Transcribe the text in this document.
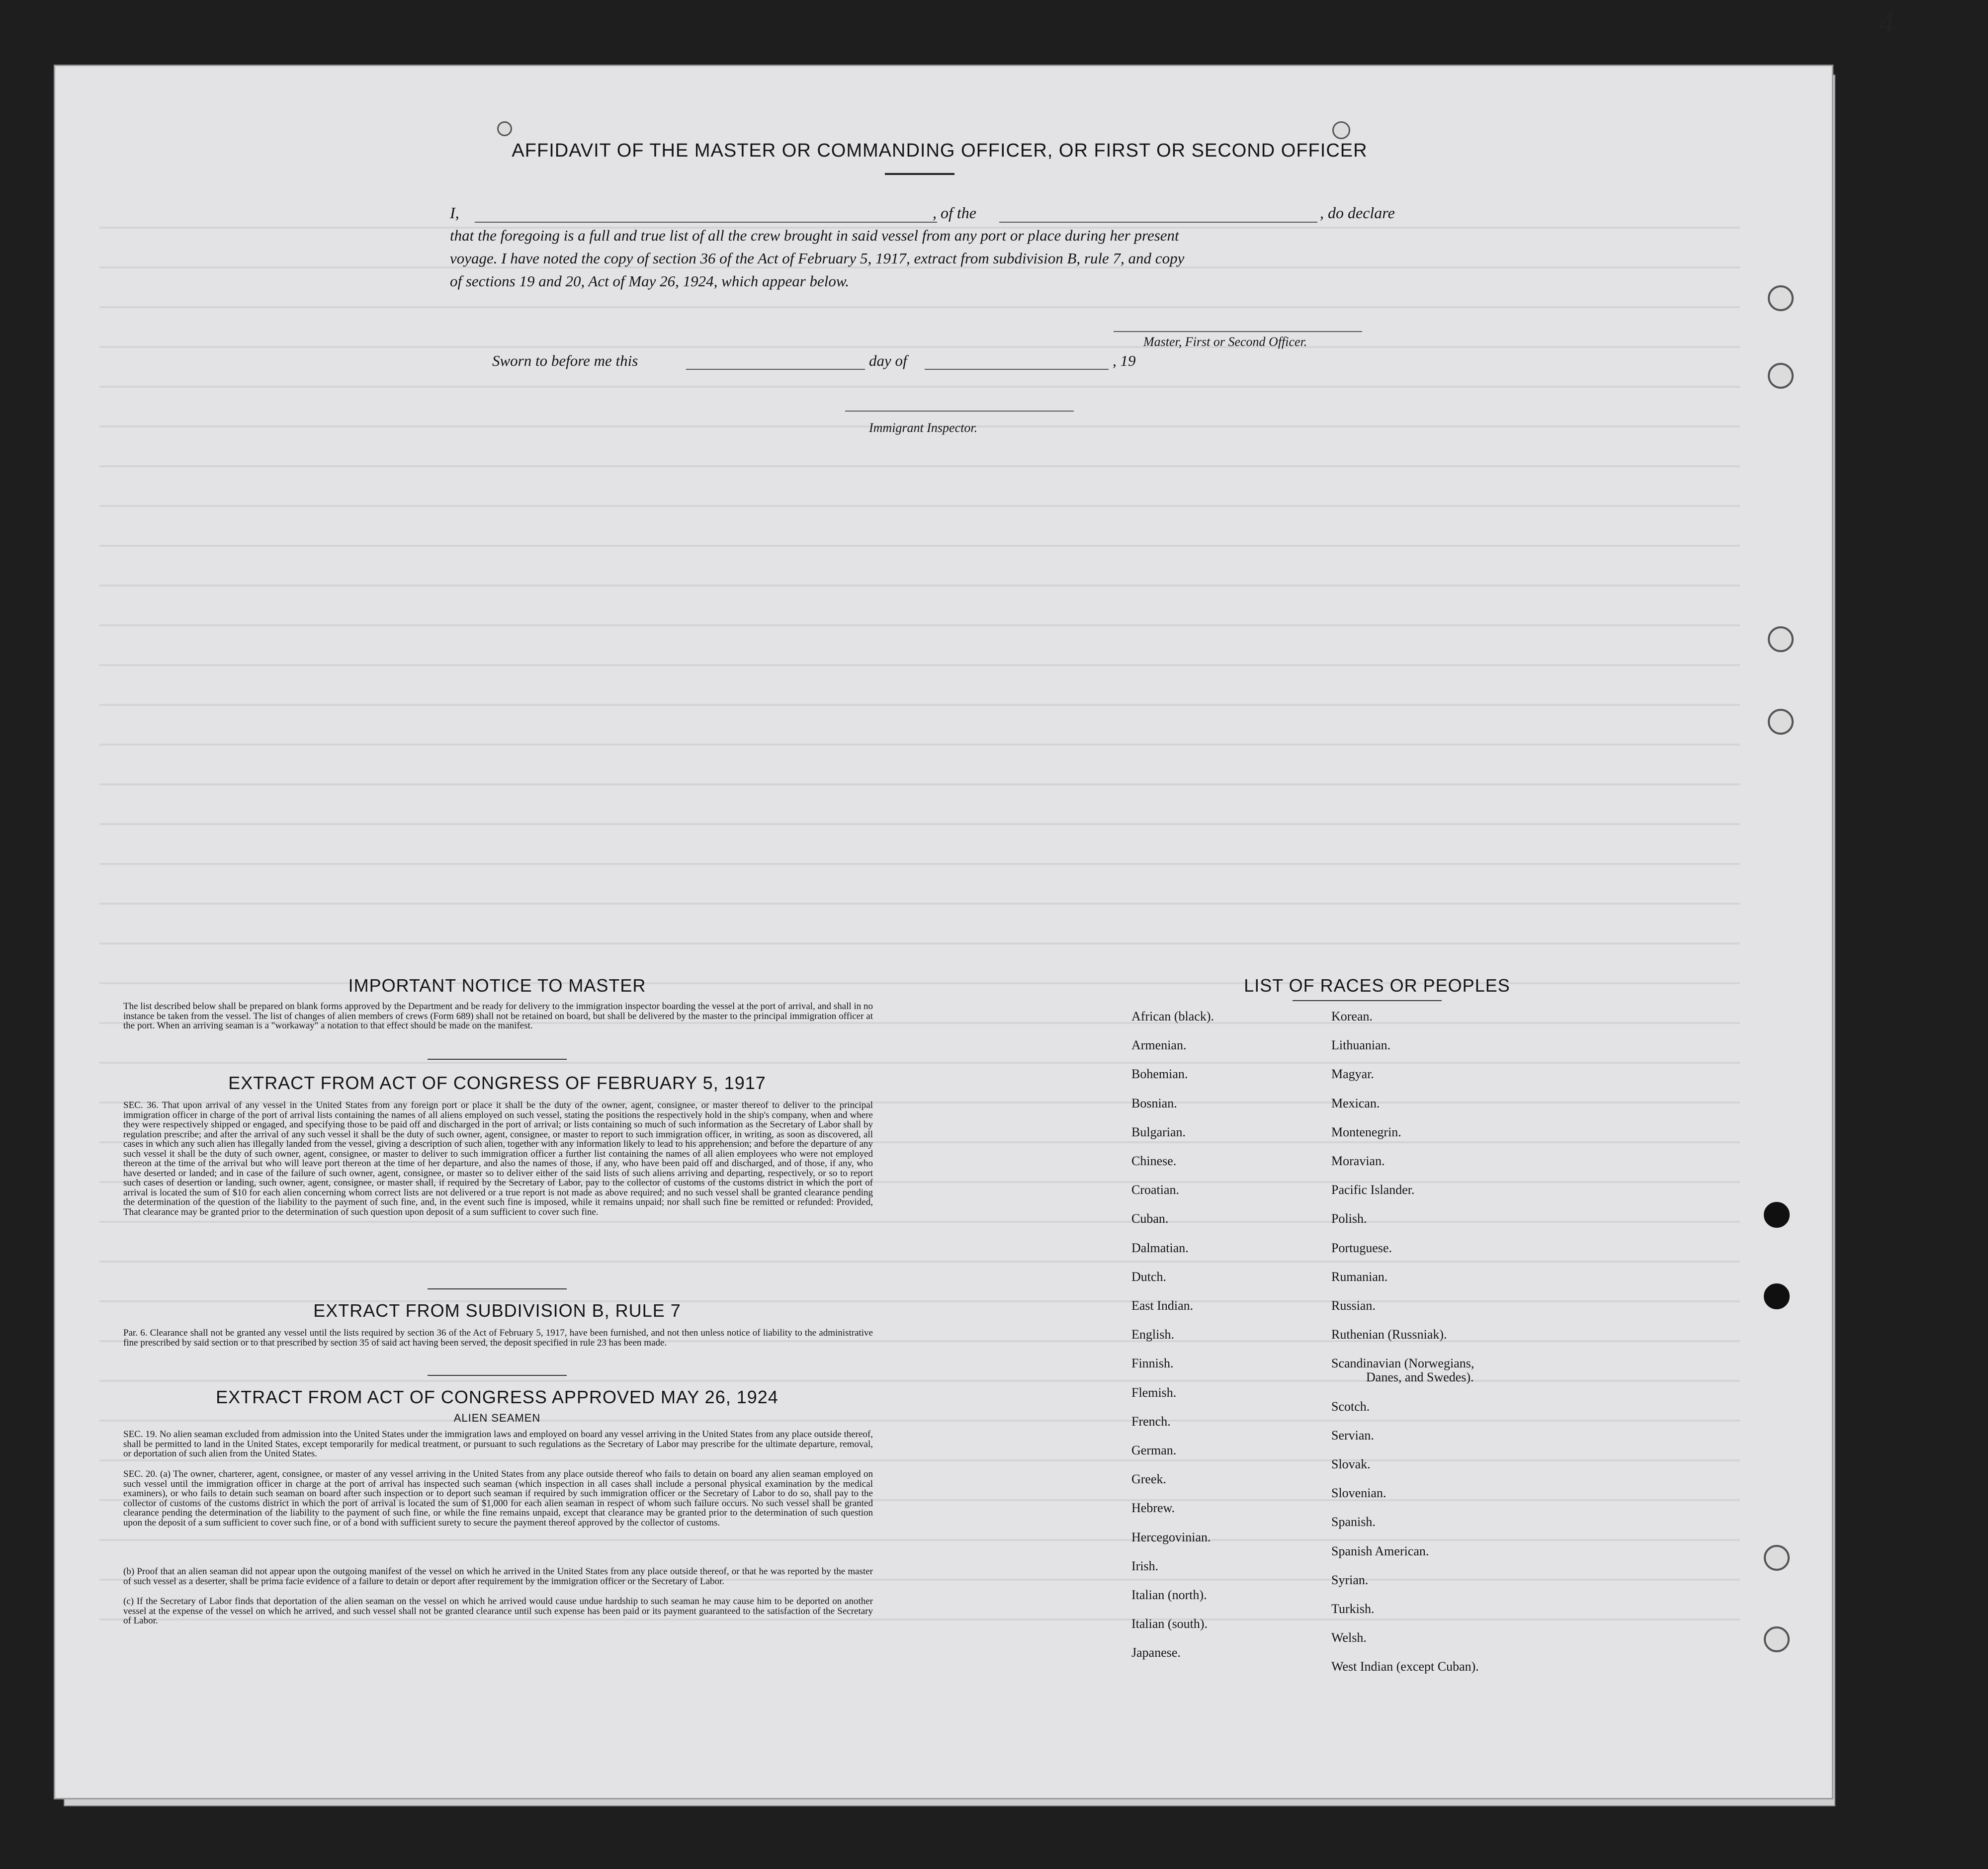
AFFIDAVIT OF THE MASTER OR COMMANDING OFFICER, OR FIRST OR SECOND OFFICER
I,	, of the	, do declare
that the foregoing is a full and true list of all the crew brought in said vessel from any port or place during her present
voyage. I have noted the copy of section 36 of the Act of February 5, 1917, extract from subdivision B, rule 7, and copy
of sections 19 and 20, Act of May 26, 1924, which appear below.
Master, First or Second Officer.
Sworn to before me this	day of	, 19
Immigrant Inspector.
IMPORTANT NOTICE TO MASTER
The list described below shall be prepared on blank forms approved by the Department and be ready for delivery to the immigration inspector boarding the vessel at the port of arrival, and shall in no instance be taken from the vessel. The list of changes of alien members of crews (Form 689) shall not be retained on board, but shall be delivered by the master to the principal immigration officer at the port. When an arriving seaman is a "workaway" a notation to that effect should be made on the manifest.
EXTRACT FROM ACT OF CONGRESS OF FEBRUARY 5, 1917
SEC. 36. That upon arrival of any vessel in the United States from any foreign port or place it shall be the duty of the owner, agent, consignee, or master thereof to deliver to the principal immigration officer in charge of the port of arrival lists containing the names of all aliens employed on such vessel, stating the positions the respectively hold in the ship's company, when and where they were respectively shipped or engaged, and specifying those to be paid off and discharged in the port of arrival; or lists containing so much of such information as the Secretary of Labor shall by regulation prescribe; and after the arrival of any such vessel it shall be the duty of such owner, agent, consignee, or master to report to such immigration officer, in writing, as soon as discovered, all cases in which any such alien has illegally landed from the vessel, giving a description of such alien, together with any information likely to lead to his apprehension; and before the departure of any such vessel it shall be the duty of such owner, agent, consignee, or master to deliver to such immigration officer a further list containing the names of all alien employees who were not employed thereon at the time of the arrival but who will leave port thereon at the time of her departure, and also the names of those, if any, who have been paid off and discharged, and of those, if any, who have deserted or landed; and in case of the failure of such owner, agent, consignee, or master so to deliver either of the said lists of such aliens arriving and departing, respectively, or so to report such cases of desertion or landing, such owner, agent, consignee, or master shall, if required by the Secretary of Labor, pay to the collector of customs of the customs district in which the port of arrival is located the sum of $10 for each alien concerning whom correct lists are not delivered or a true report is not made as above required; and no such vessel shall be granted clearance pending the determination of the question of the liability to the payment of such fine, and, in the event such fine is imposed, while it remains unpaid; nor shall such fine be remitted or refunded: Provided, That clearance may be granted prior to the determination of such question upon deposit of a sum sufficient to cover such fine.
EXTRACT FROM SUBDIVISION B, RULE 7
Par. 6. Clearance shall not be granted any vessel until the lists required by section 36 of the Act of February 5, 1917, have been furnished, and not then unless notice of liability to the administrative fine prescribed by said section or to that prescribed by section 35 of said act having been served, the deposit specified in rule 23 has been made.
EXTRACT FROM ACT OF CONGRESS APPROVED MAY 26, 1924
ALIEN SEAMEN
SEC. 19. No alien seaman excluded from admission into the United States under the immigration laws and employed on board any vessel arriving in the United States from any place outside thereof, shall be permitted to land in the United States, except temporarily for medical treatment, or pursuant to such regulations as the Secretary of Labor may prescribe for the ultimate departure, removal, or deportation of such alien from the United States.
SEC. 20. (a) The owner, charterer, agent, consignee, or master of any vessel arriving in the United States from any place outside thereof who fails to detain on board any alien seaman employed on such vessel until the immigration officer in charge at the port of arrival has inspected such seaman (which inspection in all cases shall include a personal physical examination by the medical examiners), or who fails to detain such seaman on board after such inspection or to deport such seaman if required by such immigration officer or the Secretary of Labor to do so, shall pay to the collector of customs of the customs district in which the port of arrival is located the sum of $1,000 for each alien seaman in respect of whom such failure occurs. No such vessel shall be granted clearance pending the determination of the liability to the payment of such fine, or while the fine remains unpaid, except that clearance may be granted prior to the determination of such question upon the deposit of a sum sufficient to cover such fine, or of a bond with sufficient surety to secure the payment thereof approved by the collector of customs.
(b) Proof that an alien seaman did not appear upon the outgoing manifest of the vessel on which he arrived in the United States from any place outside thereof, or that he was reported by the master of such vessel as a deserter, shall be prima facie evidence of a failure to detain or deport after requirement by the immigration officer or the Secretary of Labor.
(c) If the Secretary of Labor finds that deportation of the alien seaman on the vessel on which he arrived would cause undue hardship to such seaman he may cause him to be deported on another vessel at the expense of the vessel on which he arrived, and such vessel shall not be granted clearance until such expense has been paid or its payment guaranteed to the satisfaction of the Secretary of Labor.
LIST OF RACES OR PEOPLES
African (black).
Armenian.
Bohemian.
Bosnian.
Bulgarian.
Chinese.
Croatian.
Cuban.
Dalmatian.
Dutch.
East Indian.
English.
Finnish.
Flemish.
French.
German.
Greek.
Hebrew.
Hercegovinian.
Irish.
Italian (north).
Italian (south).
Japanese.
Korean.
Lithuanian.
Magyar.
Mexican.
Montenegrin.
Moravian.
Pacific Islander.
Polish.
Portuguese.
Rumanian.
Russian.
Ruthenian (Russniak).
Scandinavian (Norwegians,
Danes, and Swedes).
Scotch.
Servian.
Slovak.
Slovenian.
Spanish.
Spanish American.
Syrian.
Turkish.
Welsh.
West Indian (except Cuban).
4
